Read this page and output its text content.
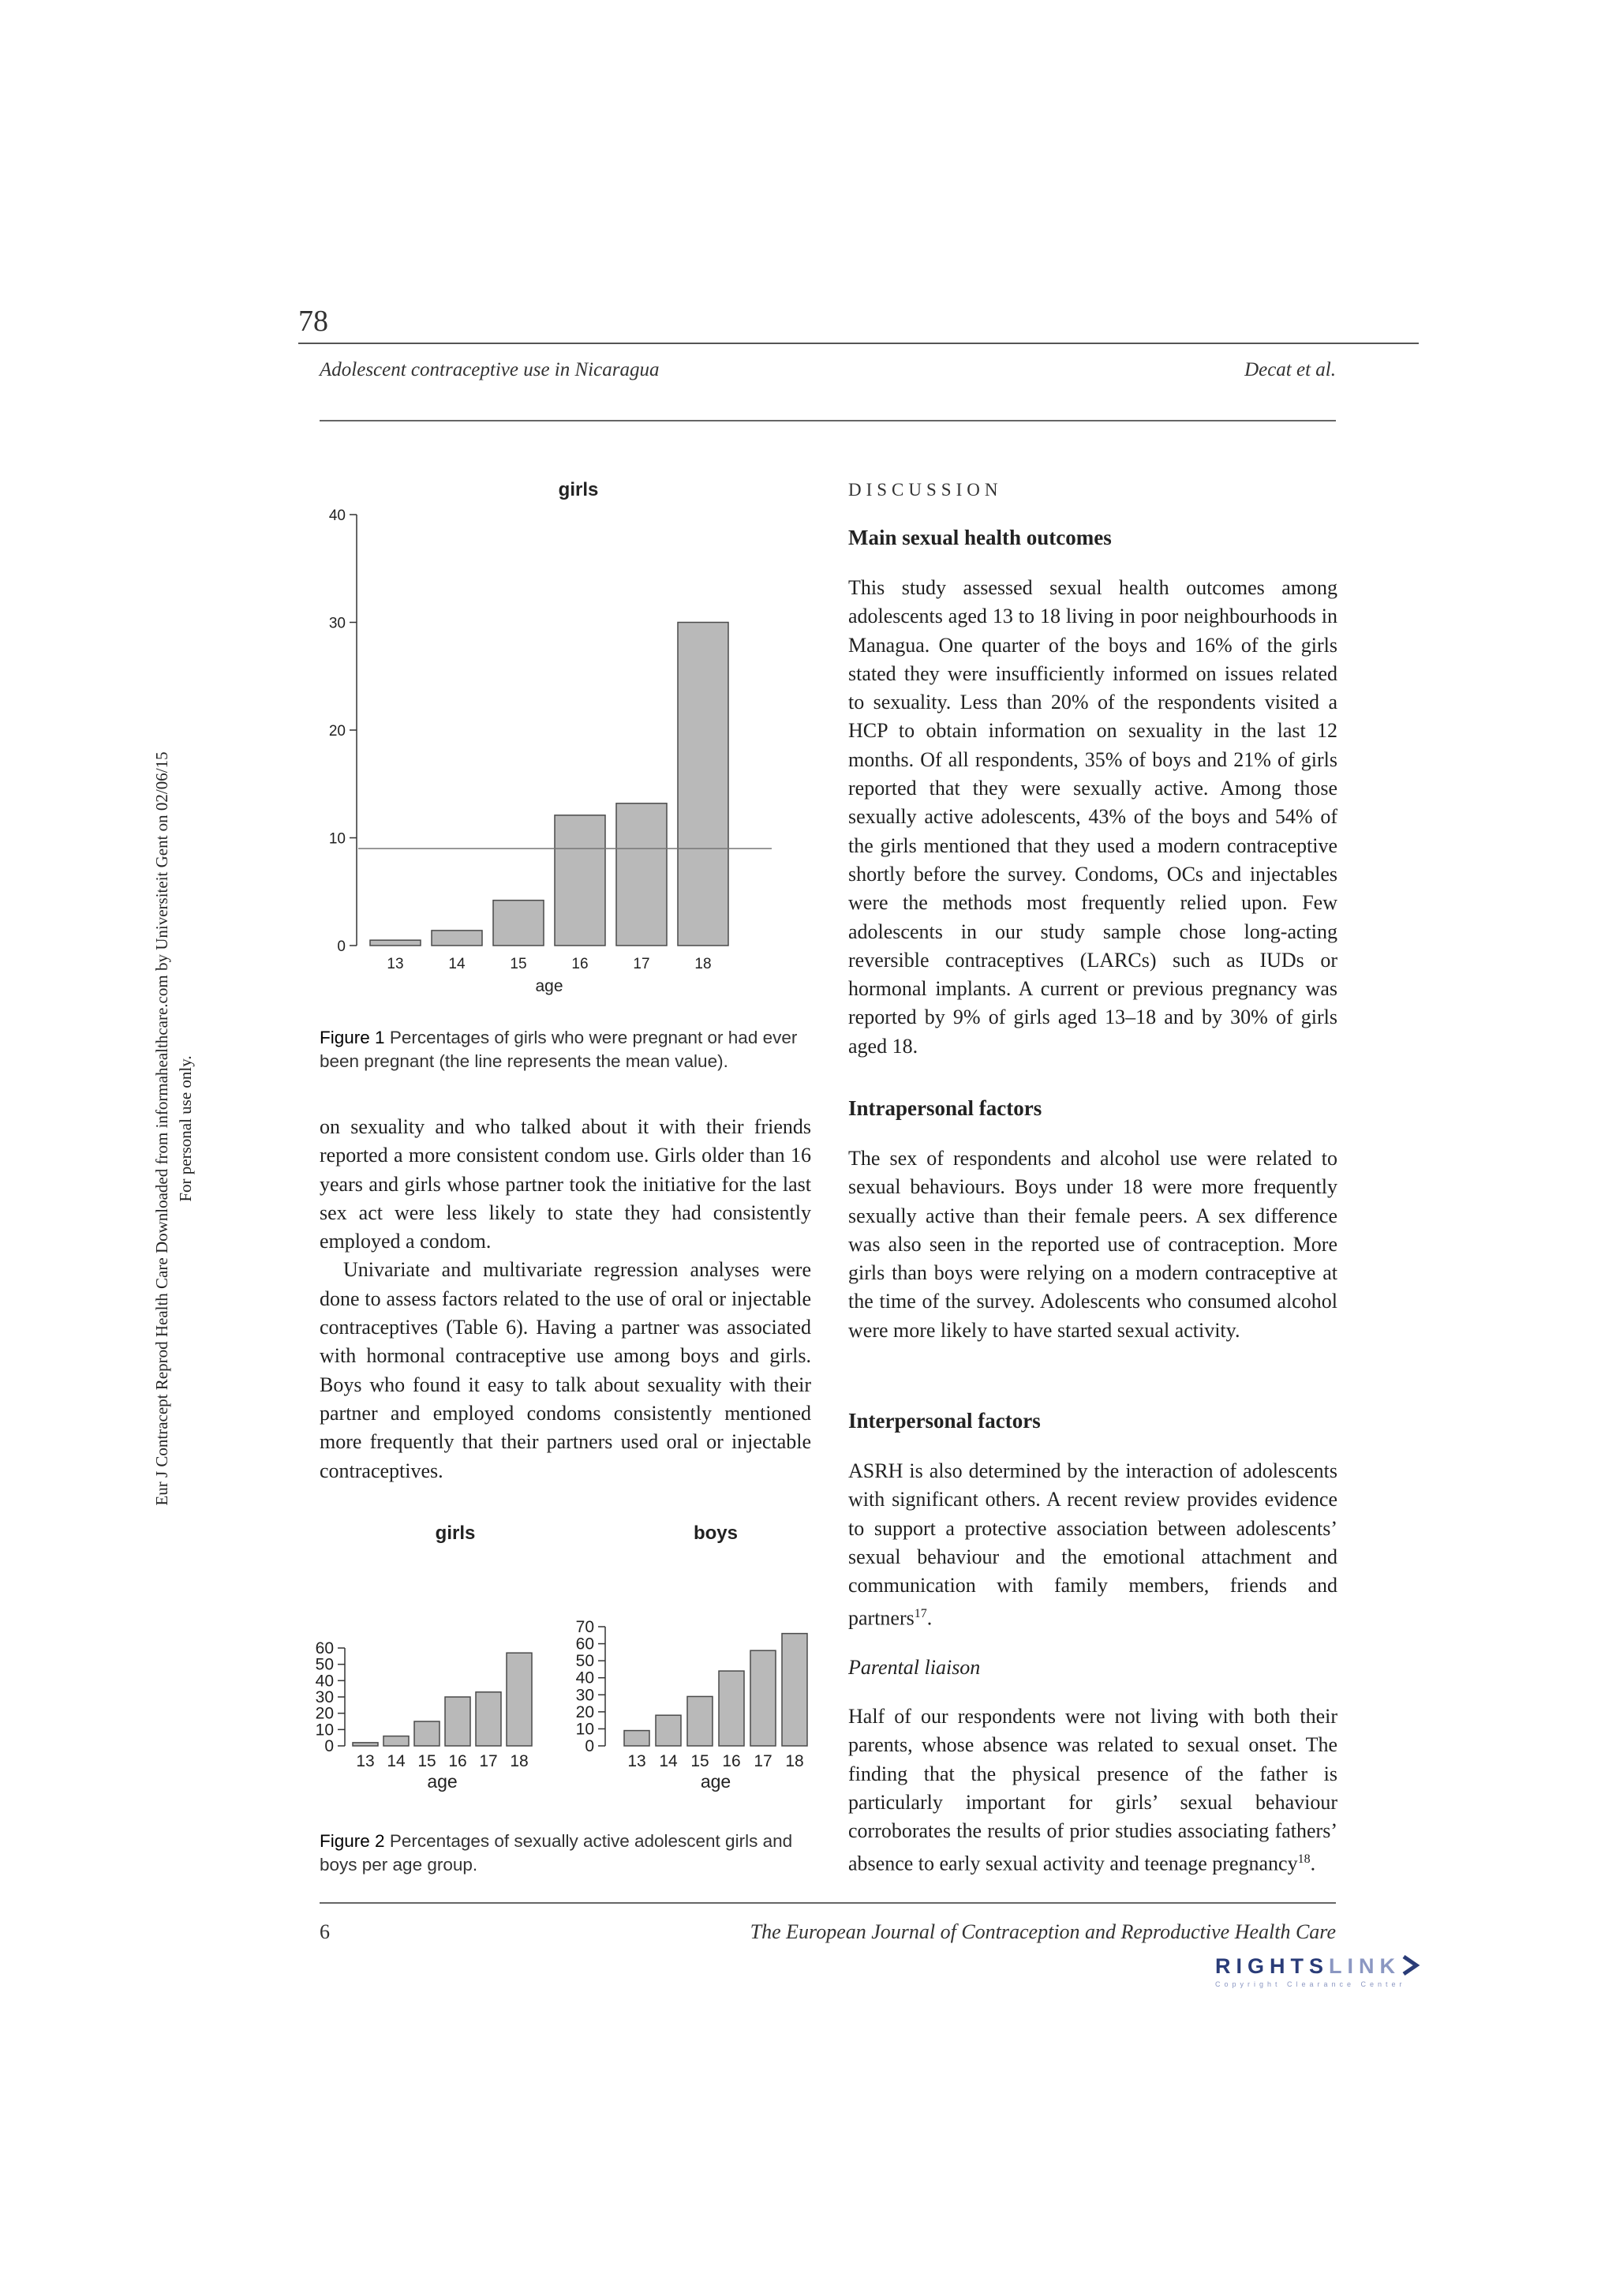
78
Adolescent contraceptive use in Nicaragua	Decat et al.
Eur J Contracept Reprod Health Care Downloaded from informahealthcare.com by Universiteit Gent on 02/06/15 For personal use only.
girls
0
10
20
30
40
13	14	15	16	17	18
age
Figure 1 Percentages of girls who were pregnant or had ever been pregnant (the line represents the mean value).

on sexuality and who talked about it with their friends reported a more consistent condom use. Girls older than 16 years and girls whose partner took the initiative for the last sex act were less likely to state they had consistently employed a condom.

Univariate and multivariate regression analyses were done to assess factors related to the use of oral or injectable contraceptives (Table 6). Having a partner was associated with hormonal contraceptive use among boys and girls. Boys who found it easy to talk about sexuality with their partner and employed condoms consistently mentioned more frequently that their partners used oral or injectable contraceptives.

girls
0
10
20
30
40
50
60
13 14 15 16 17 18
age
boys
0
10
20
30
40
50
60
70
13 14 15 16 17 18
age
Figure 2 Percentages of sexually active adolescent girls and boys per age group.
DISCUSSION
Main sexual health outcomes
This study assessed sexual health outcomes among adolescents aged 13 to 18 living in poor neighbourhoods in Managua. One quarter of the boys and 16% of the girls stated they were insufficiently informed on issues related to sexuality. Less than 20% of the respondents visited a HCP to obtain information on sexuality in the last 12 months. Of all respondents, 35% of boys and 21% of girls reported that they were sexually active. Among those sexually active adolescents, 43% of the boys and 54% of the girls mentioned that they used a modern contraceptive shortly before the survey. Condoms, OCs and injectables were the methods most frequently relied upon. Few adolescents in our study sample chose long-acting reversible contraceptives (LARCs) such as IUDs or hormonal implants. A current or previous pregnancy was reported by 9% of girls aged 13–18 and by 30% of girls aged 18.
Intrapersonal factors
The sex of respondents and alcohol use were related to sexual behaviours. Boys under 18 were more frequently sexually active than their female peers. A sex difference was also seen in the reported use of contraception. More girls than boys were relying on a modern contraceptive at the time of the survey. Adolescents who consumed alcohol were more likely to have started sexual activity.
Interpersonal factors
ASRH is also determined by the interaction of adolescents with significant others. A recent review provides evidence to support a protective association between adolescents’ sexual behaviour and the emotional attachment and communication with family members, friends and partners$^{17}$.
Parental liaison
Half of our respondents were not living with both their parents, whose absence was related to sexual onset. The finding that the physical presence of the father is particularly important for girls’ sexual behaviour corroborates the results of prior studies associating fathers’ absence to early sexual activity and teenage pregnancy$^{18}$.
6	The European Journal of Contraception and Reproductive Health Care
RIGHTSLINK
Copyright Clearance Center
